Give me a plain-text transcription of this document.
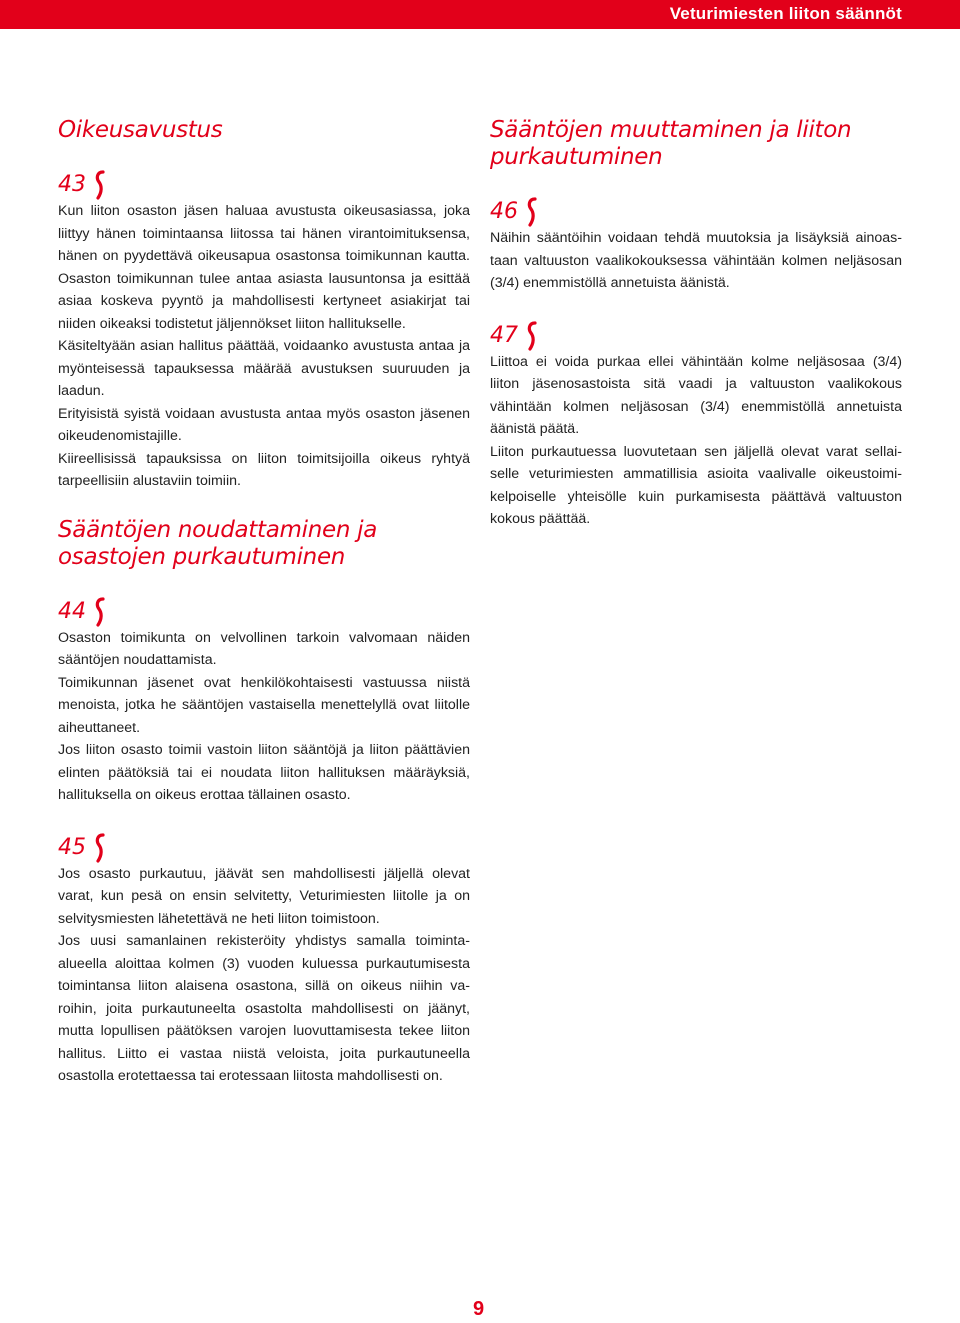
Veturimiesten liiton säännöt
Oikeusavustus
43

Kun liiton osaston jäsen haluaa avustusta oikeusasiassa, joka liittyy hänen toimintaansa liitossa tai hänen virantoimituksensa, hänen on pyydettävä oikeusapua osastonsa toimikunnan kautta. Osaston toimikunnan tulee antaa asiasta lausuntonsa ja esittää asiaa koskeva pyyntö ja mahdollisesti kertyneet asiakirjat tai niiden oikeaksi todistetut jäljennökset liiton hallitukselle.

Käsiteltyään asian hallitus päättää, voidaanko avustusta antaa ja myönteisessä tapauksessa määrää avustuksen suuruuden ja laadun.

Erityisistä syistä voidaan avustusta antaa myös osaston jäsenen oikeudenomistajille.

Kiireellisissä tapauksissa on liiton toimitsijoilla oikeus ryhtyä tarpeellisiin alustaviin toimiin.

Sääntöjen noudattaminen ja osastojen purkautuminen
44

Osaston toimikunta on velvollinen tarkoin valvomaan näiden sääntöjen noudattamista.

Toimikunnan jäsenet ovat henkilökohtaisesti vastuussa niistä menoista, jotka he sääntöjen vastaisella menettelyllä ovat liitolle aiheuttaneet.

Jos liiton osasto toimii vastoin liiton sääntöjä ja liiton päättävien elinten päätöksiä tai ei noudata liiton hallituksen määräyksiä, hallituksella on oikeus erottaa tällainen osasto.

45

Jos osasto purkautuu, jäävät sen mahdollisesti jäljellä olevat varat, kun pesä on ensin selvitetty, Veturimiesten liitolle ja on selvitysmiesten lähetettävä ne heti liiton toimistoon.

Jos uusi samanlainen rekisteröity yhdistys samalla toiminta- alueella aloittaa kolmen (3) vuoden kuluessa purkautumisesta toimintansa liiton alaisena osastona, sillä on oikeus niihin varoihin, joita purkautuneelta osastolta mahdollisesti on jäänyt, mutta lopullisen päätöksen varojen luovuttamisesta tekee liiton hallitus. Liitto ei vastaa niistä veloista, joita purkautuneella osastolla erotettaessa tai erotessaan liitosta mahdollisesti on.

Sääntöjen muuttaminen ja liiton purkautuminen
46

Näihin sääntöihin voidaan tehdä muutoksia ja lisäyksiä ainoastaan valtuuston vaalikokouksessa vähintään kolmen neljäsosan (3/4) enemmistöllä annetuista äänistä.

47

Liittoa ei voida purkaa ellei vähintään kolme neljäsosaa (3/4) liiton jäsenosastoista sitä vaadi ja valtuuston vaalikokous vähintään kolmen neljäsosan (3/4) enemmistöllä annetuista äänistä päätä.

Liiton purkautuessa luovutetaan sen jäljellä olevat varat sellaiselle veturimiesten ammatillisia asioita vaalivalle oikeustoimikelpoiselle yhteisölle kuin purkamisesta päättävä valtuuston kokous päättää.

9
